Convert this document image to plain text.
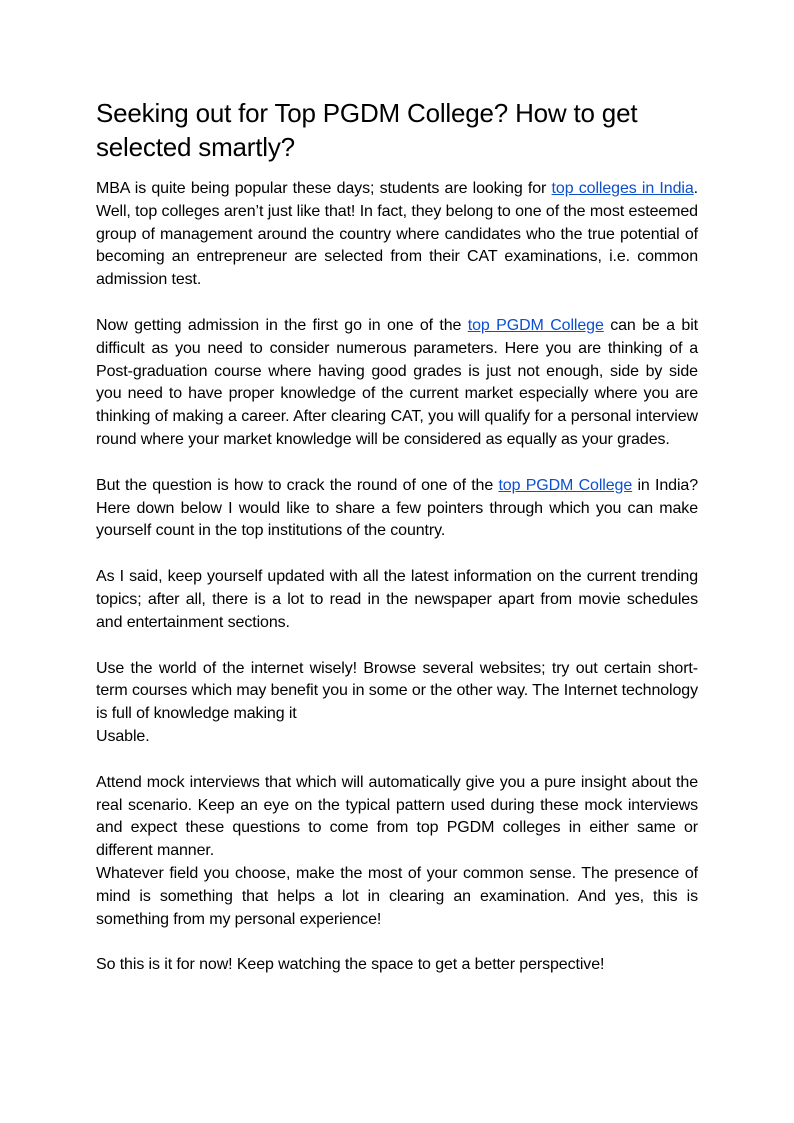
Seeking out for Top PGDM College? How to get selected smartly?

MBA is quite being popular these days; students are looking for top colleges in India. Well, top colleges aren’t just like that! In fact, they belong to one of the most esteemed group of management around the country where candidates who the true potential of becoming an entrepreneur are selected from their CAT examinations, i.e. common admission test.

Now getting admission in the first go in one of the top PGDM College can be a bit difficult as you need to consider numerous parameters. Here you are thinking of a Post-graduation course where having good grades is just not enough, side by side you need to have proper knowledge of the current market especially where you are thinking of making a career. After clearing CAT, you will qualify for a personal interview round where your market knowledge will be considered as equally as your grades.

But the question is how to crack the round of one of the top PGDM College in India? Here down below I would like to share a few pointers through which you can make yourself count in the top institutions of the country.

As I said, keep yourself updated with all the latest information on the current trending topics; after all, there is a lot to read in the newspaper apart from movie schedules and entertainment sections.

Use the world of the internet wisely! Browse several websites; try out certain short-term courses which may benefit you in some or the other way. The Internet technology is full of knowledge making it
Usable.

Attend mock interviews that which will automatically give you a pure insight about the real scenario. Keep an eye on the typical pattern used during these mock interviews and expect these questions to come from top PGDM colleges in either same or different manner.

Whatever field you choose, make the most of your common sense. The presence of mind is something that helps a lot in clearing an examination. And yes, this is something from my personal experience!

So this is it for now! Keep watching the space to get a better perspective!
